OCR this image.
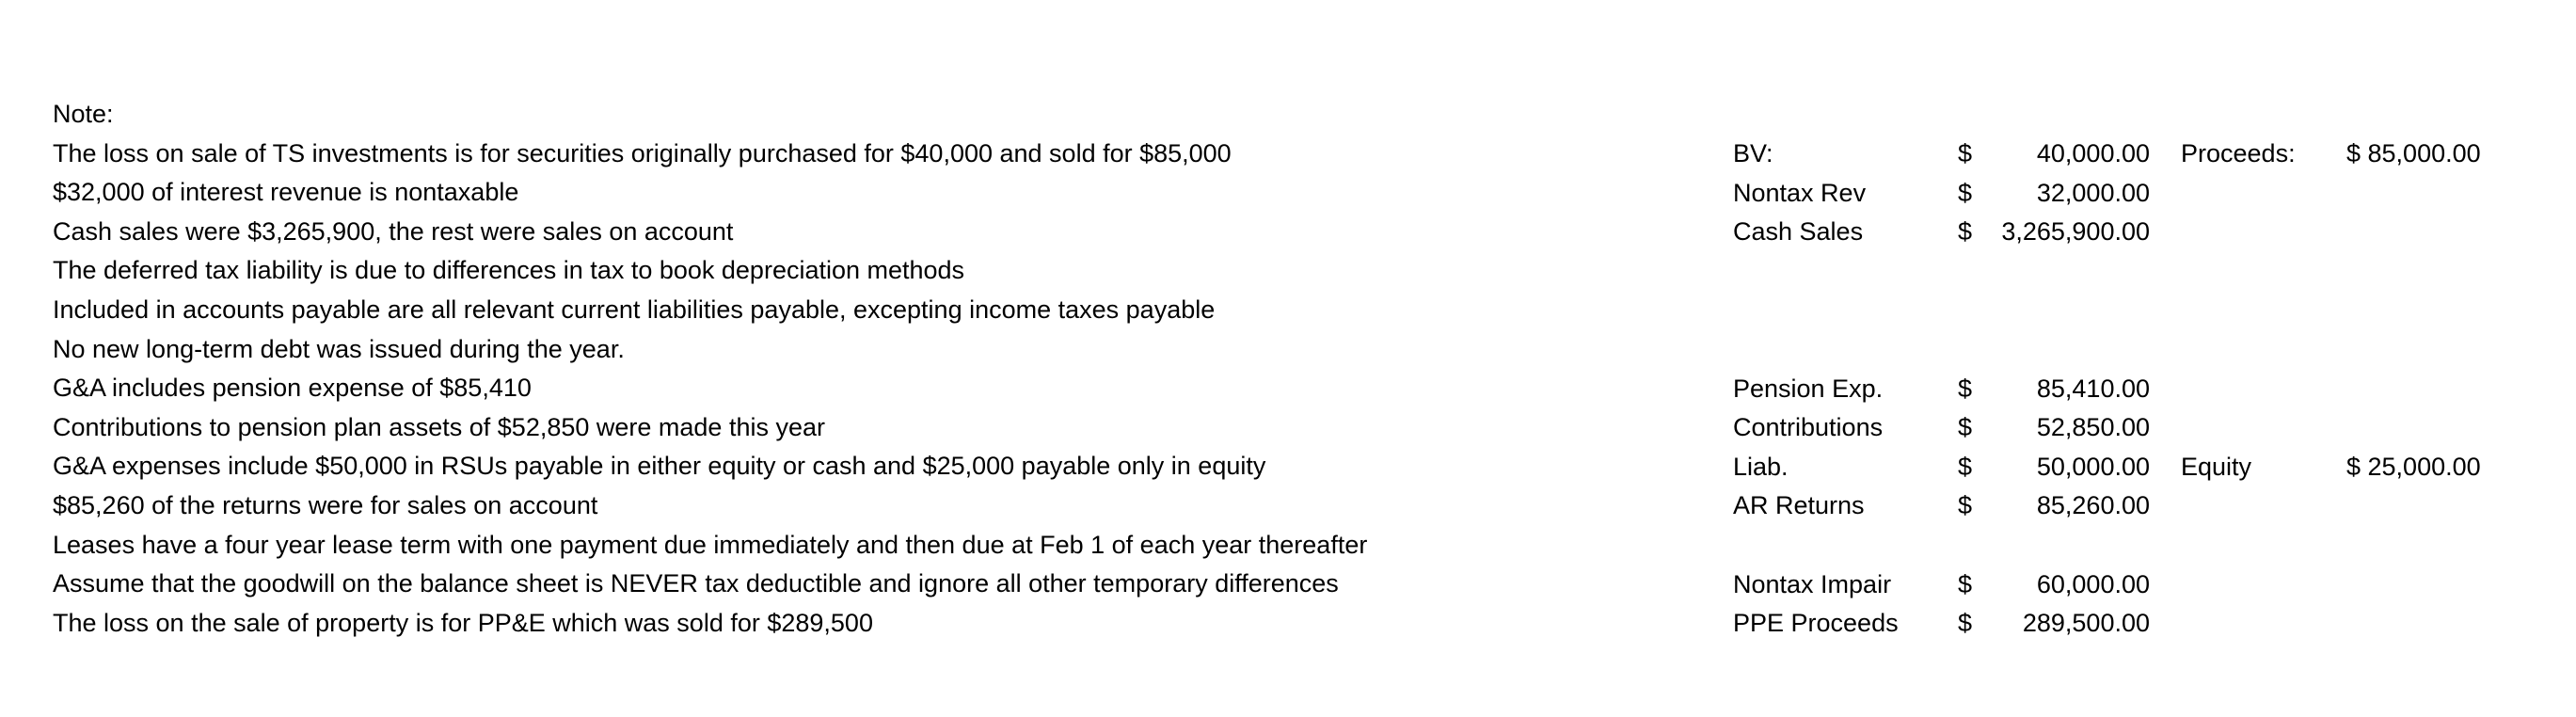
Note:
The loss on sale of TS investments is for securities originally purchased for $40,000 and sold for $85,000
$32,000 of interest revenue is nontaxable
Cash sales were $3,265,900, the rest were sales on account
The deferred tax liability is due to differences in tax to book depreciation methods
Included in accounts payable are all relevant current liabilities payable, excepting income taxes payable
No new long-term debt was issued during the year.
G&A includes pension expense of $85,410
Contributions to pension plan assets of $52,850 were made this year
G&A expenses include $50,000 in RSUs payable in either equity or cash and $25,000 payable only in equity
$85,260 of the returns were for sales on account
Leases have a four year lease term with one payment due immediately and then due at Feb 1 of each year thereafter
Assume that the goodwill on the balance sheet is NEVER tax deductible and ignore all other temporary differences
The loss on the sale of property is for PP&E which was sold for $289,500
BV:	$	40,000.00 Proceeds: $ 85,000.00
Nontax Rev	$	32,000.00
Cash Sales	$ 3,265,900.00
Pension Exp.	$	85,410.00
Contributions	$	52,850.00
Liab.	$	50,000.00 Equity	$ 25,000.00
AR Returns	$	85,260.00
Nontax Impair	$	60,000.00
PPE Proceeds $ 289,500.00
